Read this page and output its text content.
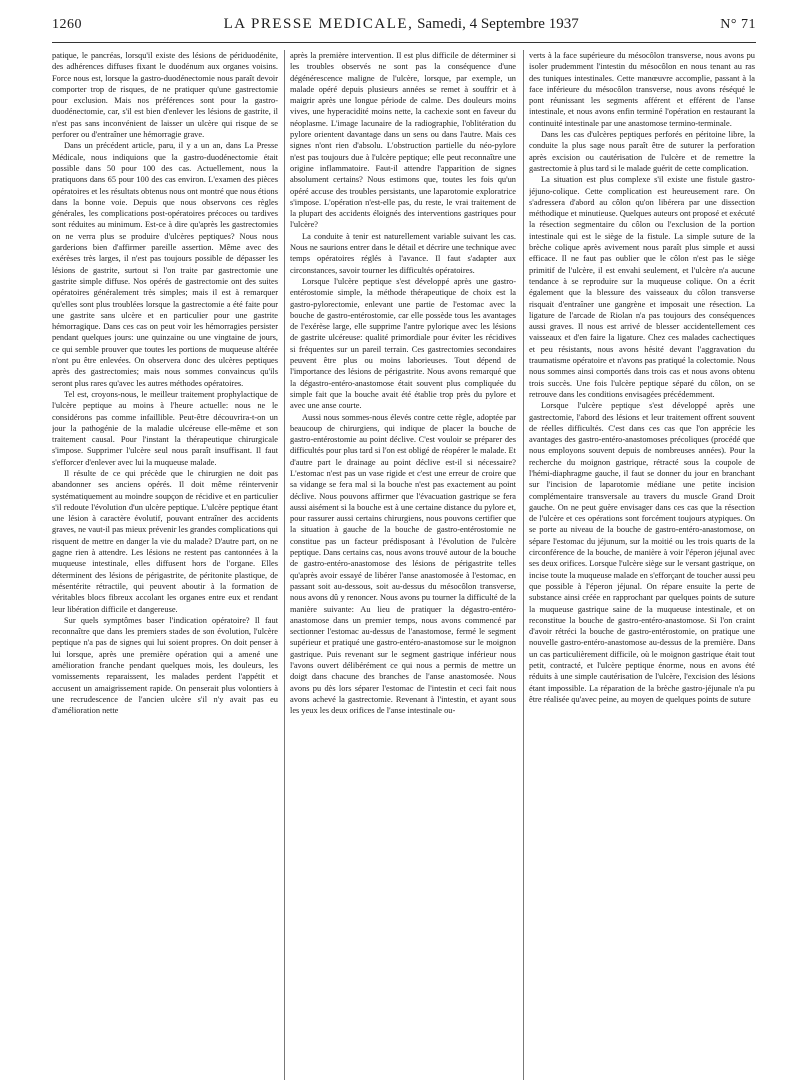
1260	LA PRESSE MEDICALE, Samedi, 4 Septembre 1937	N° 71

patique, le pancréas, lorsqu'il existe des lésions de périduodénite, des adhérences diffuses fixant le duodénum aux organes voisins. Force nous est, lorsque la gastro-duodénectomie nous paraît devoir comporter trop de risques, de ne pratiquer qu'une gastrectomie pour exclusion. Mais nos préférences sont pour la gastro-duodénectomie, car, s'il est bien d'enlever les lésions de gastrite, il n'est pas sans inconvénient de laisser un ulcère qui risque de se perforer ou d'entraîner une hémorragie grave.

Dans un précédent article, paru, il y a un an, dans La Presse Médicale, nous indiquions que la gastro-duodénectomie était possible dans 50 pour 100 des cas. Actuellement, nous la pratiquons dans 65 pour 100 des cas environ. L'examen des pièces opératoires et les résultats obtenus nous ont montré que nous étions dans la bonne voie. Depuis que nous observons ces règles générales, les complications post-opératoires précoces ou tardives sont réduites au minimum. Est-ce à dire qu'après les gastrectomies on ne verra plus se produire d'ulcères peptiques? Nous nous garderions bien d'affirmer pareille assertion. Même avec des exérèses très larges, il n'est pas toujours possible de dépasser les lésions de gastrite, surtout si l'on traite par gastrectomie une gastrite simple diffuse. Nos opérés de gastrectomie ont des suites opératoires généralement très simples; mais il est à remarquer qu'elles sont plus troublées lorsque la gastrectomie a été faite pour une gastrite sans ulcère et en particulier pour une gastrite hémorragique. Dans ces cas on peut voir les hémorragies persister pendant quelques jours: une quinzaine ou une vingtaine de jours, ce qui semble prouver que toutes les portions de muqueuse altérée n'ont pu être enlevées. On observera donc des ulcères peptiques après des gastrectomies; mais nous sommes convaincus qu'ils seront plus rares qu'avec les autres méthodes opératoires.

Tel est, croyons-nous, le meilleur traitement prophylactique de l'ulcère peptique au moins à l'heure actuelle: nous ne le considérons pas comme infaillible. Peut-être découvrira-t-on un jour la pathogénie de la maladie ulcéreuse elle-même et son traitement causal. Pour l'instant la thérapeutique chirurgicale s'impose. Supprimer l'ulcère seul nous paraît insuffisant. Il faut s'efforcer d'enlever avec lui la muqueuse malade.

Il résulte de ce qui précède que le chirurgien ne doit pas abandonner ses anciens opérés. Il doit même réintervenir systématiquement au moindre soupçon de récidive et en particulier s'il redoute l'évolution d'un ulcère peptique. L'ulcère peptique étant une lésion à caractère évolutif, pouvant entraîner des accidents graves, ne vaut-il pas mieux prévenir les grandes complications qui risquent de mettre en danger la vie du malade? D'autre part, on ne gagne rien à attendre. Les lésions ne restent pas cantonnées à la muqueuse intestinale, elles diffusent hors de l'organe. Elles déterminent des lésions de périgastrite, de péritonite plastique, de mésentérite rétractile, qui peuvent aboutir à la formation de véritables blocs fibreux accolant les organes entre eux et rendant leur libération difficile et dangereuse.

Sur quels symptômes baser l'indication opératoire? Il faut reconnaître que dans les premiers stades de son évolution, l'ulcère peptique n'a pas de signes qui lui soient propres. On doit penser à lui lorsque, après une première opération qui a amené une amélioration franche pendant quelques mois, les douleurs, les vomissements reparaissent, les malades perdent l'appétit et accusent un amaigrissement rapide. On penserait plus volontiers à une recrudescence de l'ancien ulcère s'il n'y avait pas eu d'amélioration nette

après la première intervention. Il est plus difficile de déterminer si les troubles observés ne sont pas la conséquence d'une dégénérescence maligne de l'ulcère, lorsque, par exemple, un malade opéré depuis plusieurs années se remet à souffrir et à maigrir après une longue période de calme. Des douleurs moins vives, une hyperacidité moins nette, la cachexie sont en faveur du néoplasme. L'image lacunaire de la radiographie, l'oblitération du pylore orientent davantage dans un sens ou dans l'autre. Mais ces signes n'ont rien d'absolu. L'obstruction partielle du néo-pylore n'est pas toujours due à l'ulcère peptique; elle peut reconnaître une origine inflammatoire. Faut-il attendre l'apparition de signes absolument certains? Nous estimons que, toutes les fois qu'un opéré accuse des troubles persistants, une laparotomie exploratrice s'impose. L'opération n'est-elle pas, du reste, le vrai traitement de la plupart des accidents éloignés des interventions gastriques pour l'ulcère?

La conduite à tenir est naturellement variable suivant les cas. Nous ne saurions entrer dans le détail et décrire une technique avec temps opératoires réglés à l'avance. Il faut s'adapter aux circonstances, savoir tourner les difficultés opératoires.

Lorsque l'ulcère peptique s'est développé après une gastro-entérostomie simple, la méthode thérapeutique de choix est la gastro-pylorectomie, enlevant une partie de l'estomac avec la bouche de gastro-entérostomie, car elle possède tous les avantages de l'exérèse large, elle supprime l'antre pylorique avec les lésions de gastrite ulcéreuse: qualité primordiale pour éviter les récidives si fréquentes sur un pareil terrain. Ces gastrectomies secondaires peuvent être plus ou moins laborieuses. Tout dépend de l'importance des lésions de périgastrite. Nous avons remarqué que la dégastro-entéro-anastomose était souvent plus compliquée du simple fait que la bouche avait été établie trop près du pylore et avec une anse courte.

Aussi nous sommes-nous élevés contre cette règle, adoptée par beaucoup de chirurgiens, qui indique de placer la bouche de gastro-entérostomie au point déclive. C'est vouloir se préparer des difficultés pour plus tard si l'on est obligé de réopérer le malade. Et d'autre part le drainage au point déclive est-il si nécessaire? L'estomac n'est pas un vase rigide et c'est une erreur de croire que sa vidange se fera mal si la bouche n'est pas exactement au point déclive. Nous pouvons affirmer que l'évacuation gastrique se fera aussi aisément si la bouche est à une certaine distance du pylore et, pour rassurer aussi certains chirurgiens, nous pouvons certifier que la situation à gauche de la bouche de gastro-entérostomie ne constitue pas un facteur prédisposant à l'évolution de l'ulcère peptique. Dans certains cas, nous avons trouvé autour de la bouche de gastro-entéro-anastomose des lésions de périgastrite telles qu'après avoir essayé de libérer l'anse anastomosée à l'estomac, en passant soit au-dessous, soit au-dessus du mésocôlon transverse, nous avons dû y renoncer. Nous avons pu tourner la difficulté de la manière suivante: Au lieu de pratiquer la dégastro-entéro-anastomose dans un premier temps, nous avons commencé par sectionner l'estomac au-dessus de l'anastomose, fermé le segment supérieur et pratiqué une gastro-entéro-anastomose sur le moignon gastrique. Puis revenant sur le segment gastrique inférieur nous l'avons ouvert délibérément ce qui nous a permis de mettre un doigt dans chacune des branches de l'anse anastomosée. Nous avons pu dès lors séparer l'estomac de l'intestin et ceci fait nous avons achevé la gastrectomie. Revenant à l'intestin, et ayant sous les yeux les deux orifices de l'anse intestinale ou-

verts à la face supérieure du mésocôlon transverse, nous avons pu isoler prudemment l'intestin du mésocôlon en nous tenant au ras des tuniques intestinales. Cette manœuvre accomplie, passant à la face inférieure du mésocôlon transverse, nous avons réséqué le pont réunissant les segments afférent et efférent de l'anse intestinale, et nous avons enfin terminé l'opération en restaurant la continuité intestinale par une anastomose termino-terminale.

Dans les cas d'ulcères peptiques perforés en péritoine libre, la conduite la plus sage nous paraît être de suturer la perforation après excision ou cautérisation de l'ulcère et de remettre la gastrectomie à plus tard si le malade guérit de cette complication.

La situation est plus complexe s'il existe une fistule gastro-jéjuno-colique. Cette complication est heureusement rare. On s'adressera d'abord au côlon qu'on libérera par une dissection méthodique et minutieuse. Quelques auteurs ont proposé et exécuté la résection segmentaire du côlon ou l'exclusion de la portion intestinale qui est le siège de la fistule. La simple suture de la brèche colique après avivement nous paraît plus simple et aussi efficace. Il ne faut pas oublier que le côlon n'est pas le siège primitif de l'ulcère, il est envahi seulement, et l'ulcère n'a aucune tendance à se reproduire sur la muqueuse colique. On a écrit également que la blessure des vaisseaux du côlon transverse risquait d'entraîner une gangrène et imposait une résection. La ligature de l'arcade de Riolan n'a pas toujours des conséquences aussi graves. Il nous est arrivé de blesser accidentellement ces vaisseaux et d'en faire la ligature. Chez ces malades cachectiques et peu résistants, nous avons hésité devant l'aggravation du traumatisme opératoire et n'avons pas pratiqué la colectomie. Nous nous sommes ainsi comportés dans trois cas et nous avons obtenu trois succès. Une fois l'ulcère peptique séparé du côlon, on se retrouve dans les conditions envisagées précédemment.

Lorsque l'ulcère peptique s'est développé après une gastrectomie, l'abord des lésions et leur traitement offrent souvent de réelles difficultés. C'est dans ces cas que l'on apprécie les avantages des gastro-entéro-anastomoses précoliques (procédé que nous employons souvent depuis de nombreuses années). Pour la recherche du moignon gastrique, rétracté sous la coupole de l'hémi-diaphragme gauche, il faut se donner du jour en branchant sur l'incision de laparotomie médiane une petite incision complémentaire transversale au travers du muscle Grand Droit gauche. On ne peut guère envisager dans ces cas que la résection de l'ulcère et ces opérations sont forcément toujours atypiques. On se porte au niveau de la bouche de gastro-entéro-anastomose, on sépare l'estomac du jéjunum, sur la moitié ou les trois quarts de la circonférence de la bouche, de manière à voir l'éperon jéjunal avec ses deux orifices. Lorsque l'ulcère siège sur le versant gastrique, on incise toute la muqueuse malade en s'efforçant de toucher aussi peu que possible à l'éperon jéjunal. On répare ensuite la perte de substance ainsi créée en rapprochant par quelques points de suture la muqueuse gastrique saine de la muqueuse intestinale, et on reconstitue la bouche de gastro-entéro-anastomose. Si l'on craint d'avoir rétréci la bouche de gastro-entérostomie, on pratique une nouvelle gastro-entéro-anastomose au-dessus de la première. Dans un cas particulièrement difficile, où le moignon gastrique était tout petit, contracté, et l'ulcère peptique énorme, nous en avons été réduits à une simple cautérisation de l'ulcère, l'excision des lésions étant impossible. La réparation de la brèche gastro-jéjunale n'a pu être réalisée qu'avec peine, au moyen de quelques points de suture
